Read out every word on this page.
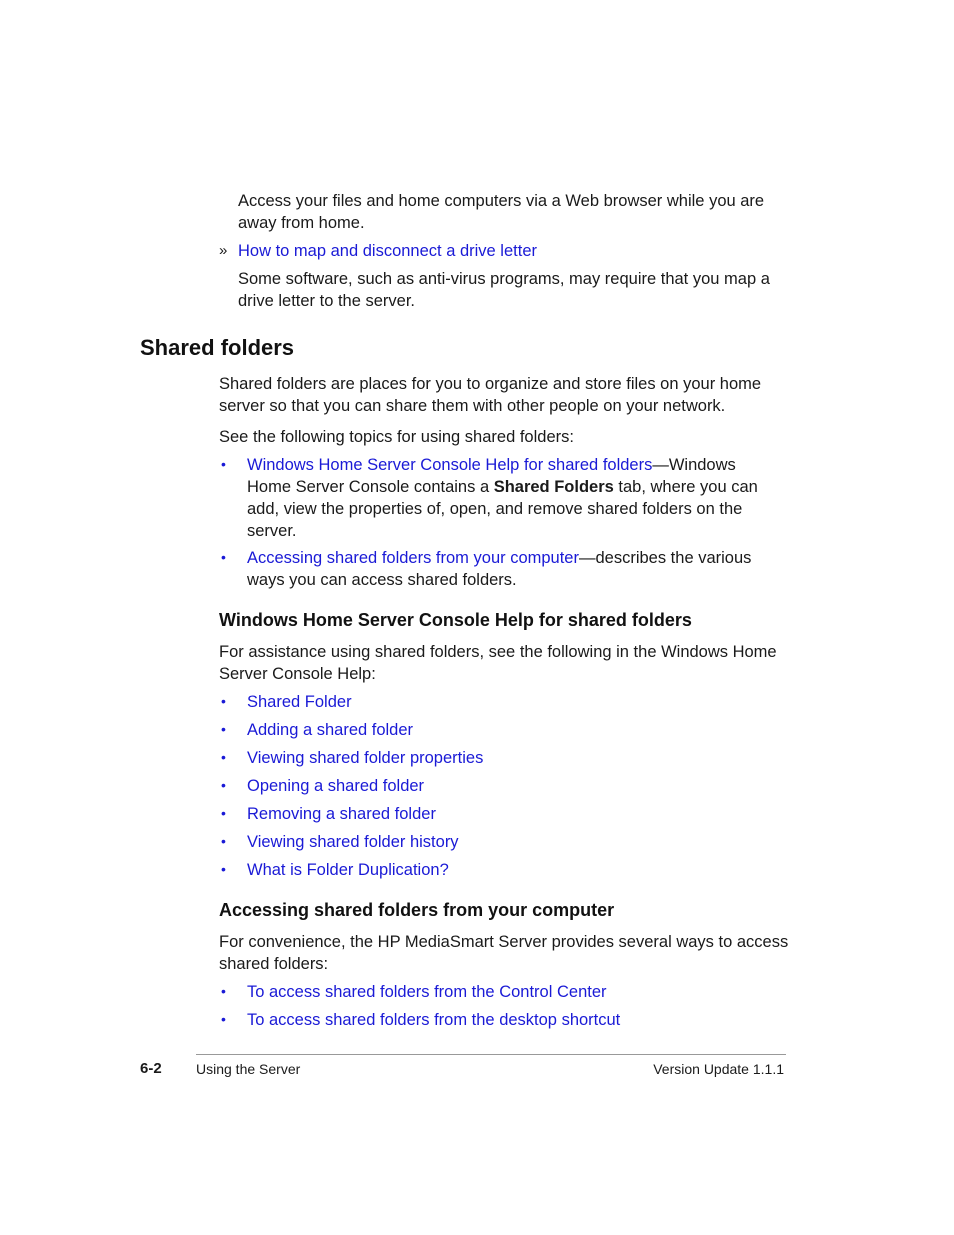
Access your files and home computers via a Web browser while you are away from home.
» How to map and disconnect a drive letter
Some software, such as anti-virus programs, may require that you map a drive letter to the server.
Shared folders
Shared folders are places for you to organize and store files on your home server so that you can share them with other people on your network.
See the following topics for using shared folders:
• Windows Home Server Console Help for shared folders—Windows Home Server Console contains a Shared Folders tab, where you can add, view the properties of, open, and remove shared folders on the server.
• Accessing shared folders from your computer—describes the various ways you can access shared folders.
Windows Home Server Console Help for shared folders
For assistance using shared folders, see the following in the Windows Home Server Console Help:
• Shared Folder
• Adding a shared folder
• Viewing shared folder properties
• Opening a shared folder
• Removing a shared folder
• Viewing shared folder history
• What is Folder Duplication?
Accessing shared folders from your computer
For convenience, the HP MediaSmart Server provides several ways to access shared folders:
• To access shared folders from the Control Center
• To access shared folders from the desktop shortcut
6-2 Using the Server	Version Update 1.1.1
